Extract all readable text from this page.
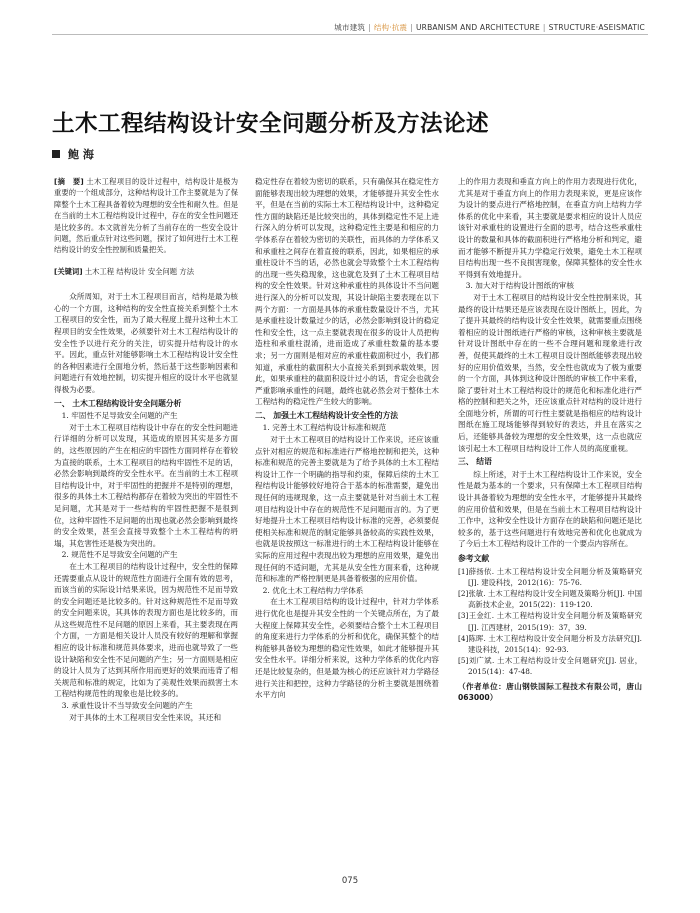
城市建筑 | 结构·抗震 | URBANISM AND ARCHITECTURE | STRUCTURE·ASEISMATIC
土木工程结构设计安全问题分析及方法论述
鲍 海

[摘　要] 土木工程项目的设计过程中，结构设计是极为重要的一个组成部分，这种结构设计工作主要就是为了保障整个土木工程具备着较为理想的安全性和耐久性。但是在当前的土木工程结构设计过程中，存在的安全性问题还是比较多的。本文就首先分析了当前存在的一些安全设计问题，然后重点针对这些问题，探讨了如何进行土木工程结构设计的安全性控制和质量把关。

[关键词] 土木工程 结构设计 安全问题 方法

众所周知，对于土木工程项目而言，结构是最为核心的一个方面，这种结构的安全性直接关系到整个土木工程项目的安全性，而为了最大程度上提升这种土木工程项目的安全性效果，必须要针对土木工程结构设计的安全性予以进行充分的关注，切实提升结构设计的水平。因此，重点针对能够影响土木工程结构设计安全性的各种因素进行全面地分析，然后基于这些影响因素和问题进行有效地控制，切实提升相应的设计水平也就显得极为必要。

一、 土木工程结构设计安全问题分析

1. 牢固性不足导致安全问题的产生

对于土木工程项目结构设计中存在的安全性问题进行详细的分析可以发现，其造成的原因其实是多方面的，这些原因的产生在相应的牢固性方面同样存在着较为直接的联系，土木工程项目的结构牢固性不足的话，必然会影响到最终的安全性水平。在当前的土木工程项目结构设计中，对于牢固性的把握并不是特别的理想，很多的具体土木工程结构都存在着较为突出的牢固性不足问题，尤其是对于一些结构的牢固性把握不是很到位，这种牢固性不足问题的出现也就必然会影响到最终的安全效果，甚至会直接导致整个土木工程结构的坍塌，其危害性还是极为突出的。

2. 规范性不足导致安全问题的产生

在土木工程项目的结构设计过程中，安全性的保障还需要重点从设计的规范性方面进行全面有效的思考，而该当前的实际设计结果来说，因为规范性不足而导致的安全问题还是比较多的。针对这种规范性不足而导致的安全问题来说，其具体的表现方面也是比较多的，而从这些规范性不足问题的原因上来看，其主要表现在两个方面，一方面是相关设计人员没有较好的理解和掌握相应的设计标准和规范具体要求，进而也就导致了一些设计缺陷和安全性不足问题的产生；另一方面则是相应的设计人员为了达到其所作用而更好的效果而违背了相关规范和标准的规定，比如为了美观性效果而损害土木工程结构规范性的现象也是比较多的。

3. 承重性设计不当导致安全问题的产生

对于具体的土木工程项目安全性来说，其还和

稳定性存在着较为密切的联系，只有确保其在稳定性方面能够表现出较为理想的效果，才能够提升其安全性水平，但是在当前的实际土木工程结构设计中，这种稳定性方面的缺陷还是比较突出的，具体到稳定性不足上进行深入的分析可以发现，这种稳定性主要是和相应的力学体系存在着较为密切的关联性，而具体的力学体系又和承重柱之间存在着直接的联系，因此，如果相应的承重柱设计不当的话，必然也就会导致整个土木工程结构的出现一些失稳现象，这也就危及到了土木工程项目结构的安全性效果。针对这种承重柱的具体设计不当问题进行深入的分析可以发现，其设计缺陷主要表现在以下两个方面：一方面是具体的承重柱数量设计不当，尤其是承重柱设计数量过少的话，必然会影响到设计的稳定性和安全性，这一点主要就表现在很多的设计人员把构造柱和承重柱混淆，进而造成了承重柱数量的基本要求；另一方面则是相对应的承重柱截面积过小，我们都知道，承重柱的截面积大小直接关系到到承载效果，因此，如果承重柱的截面积设计过小的话，肯定会也就会严重影响承重性的问题，最终也就必然会对于整体土木工程结构的稳定性产生较大的影响。

二、 加强土木工程结构设计安全性的方法

1. 完善土木工程结构设计标准和规范

对于土木工程项目的结构设计工作来说，还应该重点针对相应的规范和标准进行严格地控制和把关，这种标准和规范的完善主要就是为了给予具体的土木工程结构设计工作一个明确的指导和约束，保障后续的土木工程结构设计能够较好地符合于基本的标准需要，避免出现任何的违规现象，这一点主要就是针对当前土木工程项目结构设计中存在的规范性不足问题而言的。为了更好地提升土木工程项目结构设计标准的完善，必须要促使相关标准和规范的制定能够具备较高的实践性效果，也就是说按照这一标准进行的土木工程结构设计能够在实际的应用过程中表现出较为理想的应用效果，避免出现任何的不适问题，尤其是从安全性方面来看，这种规范和标准的严格控制更是具备着极强的应用价值。

2. 优化土木工程结构力学体系

在土木工程项目结构的设计过程中，针对力学体系进行优化也是提升其安全性的一个关键点所在，为了最大程度上保障其安全性，必须要结合整个土木工程项目的角度来进行力学体系的分析和优化，确保其整个的结构能够具备较为理想的稳定性效果，如此才能够提升其安全性水平。详细分析来说，这种力学体系的优化内容还是比较复杂的，但是最为核心的还应该针对力学路径进行关注和把控，这种力学路径的分析主要就是围绕着水平方向

上的作用力表现和垂直方向上的作用力表现进行优化，尤其是对于垂直方向上的作用力表现来说，更是应该作为设计的要点进行严格地控制，在垂直方向上结构力学体系的优化中来看，其主要就是要求相应的设计人员应该针对承重柱的设置进行全面的思考，结合这些承重柱设计的数量和具体的截面积进行严格地分析和判定，避而才能够不断提升其力学稳定行效果，避免土木工程项目结构出现一些不良损害现象，保障其整体的安全性水平得到有效地提升。

3. 加大对于结构设计图纸的审核

对于土木工程项目的结构设计安全性控制来说，其最终的设计结果还是应该表现在设计图纸上，因此，为了提升其最终的结构设计安全性效果，就需要重点围绕着相应的设计图纸进行严格的审核，这种审核主要就是针对设计图纸中存在的一些不合理问题和现象进行改善，促使其最终的土木工程项目设计图纸能够表现出较好的应用价值效果，当然，安全性也就成为了极为重要的一个方面，具体到这种设计图纸的审核工作中来看，除了要针对土木工程结构设计的规范化和标准化进行严格的控制和把关之外，还应该重点针对结构的设计进行全面地分析，所谓的可行性主要就是指相应的结构设计图纸在施工现场能够得到较好的表达，并且在落实之后，还能够具备较为理想的安全性效果，这一点也就应该引起土木工程项目结构设计工作人员的高度重视。

三、 结语

综上所述，对于土木工程结构设计工作来说，安全性是最为基本的一个要求，只有保障土木工程项目结构设计具备着较为理想的安全性水平，才能够提升其最终的应用价值和效果，但是在当前土木工程项目结构设计工作中，这种安全性设计方面存在的缺陷和问题还是比较多的，基于这些问题进行有效地完善和优化也就成为了今后土木工程结构设计工作的一个要点内容所在。

参考文献

[1]薛扬依. 土木工程结构设计安全问题分析及策略研究[J]. 建设科技，2012(16)：75-76.

[2]张敏. 土木工程结构设计安全问题及策略分析[J]. 中国高新技术企业，2015(22)：119-120.

[3]王金红. 土木工程结构设计安全问题分析及策略研究[J]. 江西建材，2015(19)：37，39.

[4]陈晖. 土木工程结构设计安全问题分析及方法研究[J]. 建设科技，2015(14)：92-93.

[5]刘广斌. 土木工程结构设计安全问题研究[J]. 居业，2015(14)：47-48.

（作者单位：唐山钢铁国际工程技术有限公司，唐山 063000）

075
